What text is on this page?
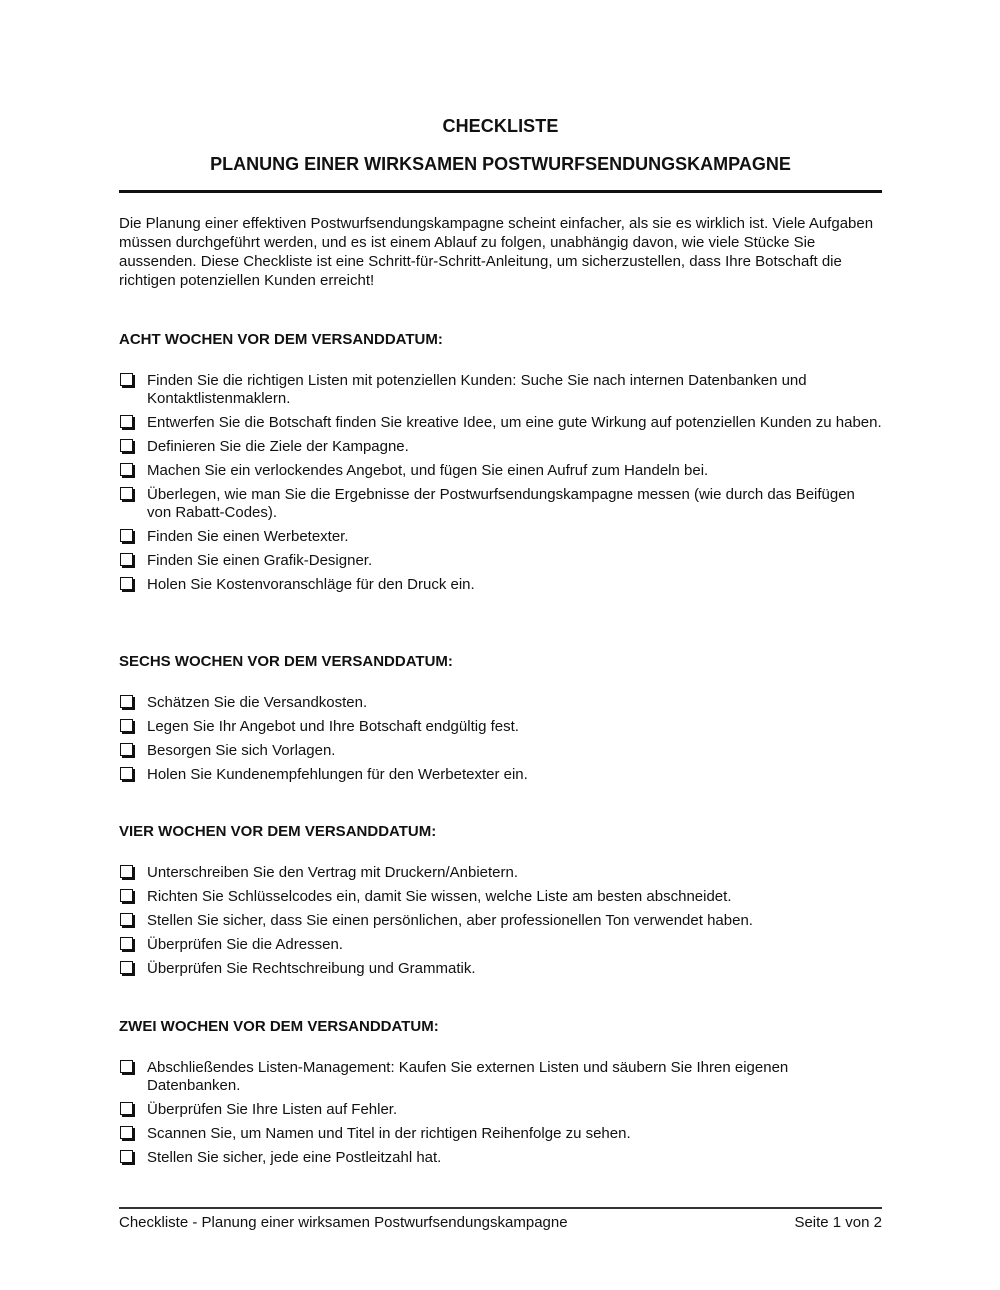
CHECKLISTE
PLANUNG EINER WIRKSAMEN POSTWURFSENDUNGSKAMPAGNE

Die Planung einer effektiven Postwurfsendungskampagne scheint einfacher, als sie es wirklich ist. Viele Aufgaben müssen durchgeführt werden, und es ist einem Ablauf zu folgen, unabhängig davon, wie viele Stücke Sie aussenden. Diese Checkliste ist eine Schritt-für-Schritt-Anleitung, um sicherzustellen, dass Ihre Botschaft die richtigen potenziellen Kunden erreicht!

ACHT WOCHEN VOR DEM VERSANDDATUM:
Finden Sie die richtigen Listen mit potenziellen Kunden: Suche Sie nach internen Datenbanken und Kontaktlistenmaklern.
Entwerfen Sie die Botschaft finden Sie kreative Idee, um eine gute Wirkung auf potenziellen Kunden zu haben.
Definieren Sie die Ziele der Kampagne.
Machen Sie ein verlockendes Angebot, und fügen Sie einen Aufruf zum Handeln bei.
Überlegen, wie man Sie die Ergebnisse der Postwurfsendungskampagne messen (wie durch das Beifügen von Rabatt-Codes).
Finden Sie einen Werbetexter.
Finden Sie einen Grafik-Designer.
Holen Sie Kostenvoranschläge für den Druck ein.
SECHS WOCHEN VOR DEM VERSANDDATUM:
Schätzen Sie die Versandkosten.
Legen Sie Ihr Angebot und Ihre Botschaft endgültig fest.
Besorgen Sie sich Vorlagen.
Holen Sie Kundenempfehlungen für den Werbetexter ein.
VIER WOCHEN VOR DEM VERSANDDATUM:
Unterschreiben Sie den Vertrag mit Druckern/Anbietern.
Richten Sie Schlüsselcodes ein, damit Sie wissen, welche Liste am besten abschneidet.
Stellen Sie sicher, dass Sie einen persönlichen, aber professionellen Ton verwendet haben.
Überprüfen Sie die Adressen.
Überprüfen Sie Rechtschreibung und Grammatik.
ZWEI WOCHEN VOR DEM VERSANDDATUM:
Abschließendes Listen-Management: Kaufen Sie externen Listen und säubern Sie Ihren eigenen Datenbanken.
Überprüfen Sie Ihre Listen auf Fehler.
Scannen Sie, um Namen und Titel in der richtigen Reihenfolge zu sehen.
Stellen Sie sicher, jede eine Postleitzahl hat.
Checkliste - Planung einer wirksamen Postwurfsendungskampagne	Seite 1 von 2
